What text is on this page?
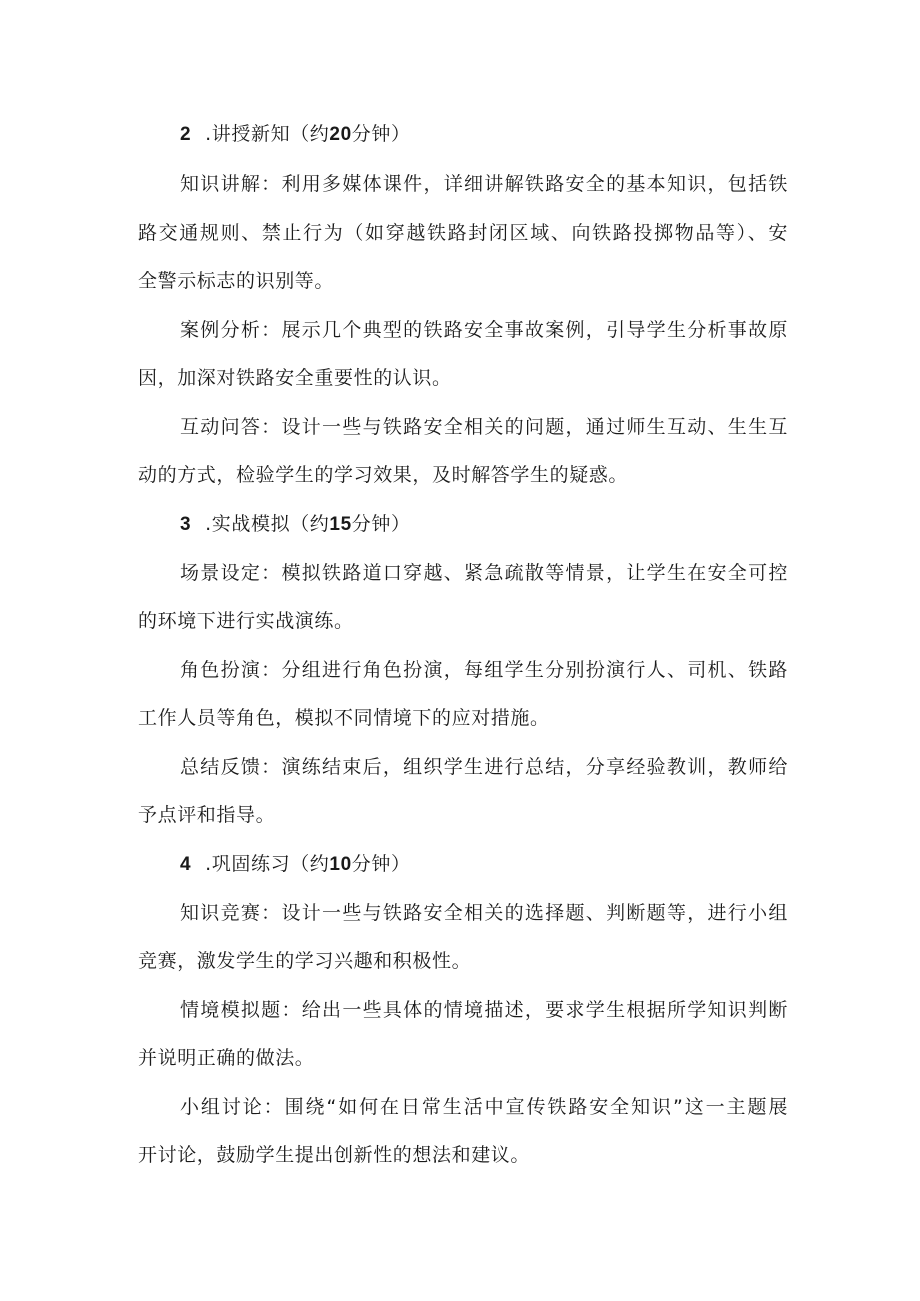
2 .讲授新知（约20分钟）
知识讲解：利用多媒体课件，详细讲解铁路安全的基本知识，包括铁
路交通规则、禁止行为（如穿越铁路封闭区域、向铁路投掷物品等）、安
全警示标志的识别等。
案例分析：展示几个典型的铁路安全事故案例，引导学生分析事故原
因，加深对铁路安全重要性的认识。
互动问答：设计一些与铁路安全相关的问题，通过师生互动、生生互
动的方式，检验学生的学习效果，及时解答学生的疑惑。
3 .实战模拟（约15分钟）
场景设定：模拟铁路道口穿越、紧急疏散等情景，让学生在安全可控
的环境下进行实战演练。
角色扮演：分组进行角色扮演，每组学生分别扮演行人、司机、铁路
工作人员等角色，模拟不同情境下的应对措施。
总结反馈：演练结束后，组织学生进行总结，分享经验教训，教师给
予点评和指导。
4 .巩固练习（约10分钟）
知识竞赛：设计一些与铁路安全相关的选择题、判断题等，进行小组
竞赛，激发学生的学习兴趣和积极性。
情境模拟题：给出一些具体的情境描述，要求学生根据所学知识判断
并说明正确的做法。
小组讨论：围绕“如何在日常生活中宣传铁路安全知识”这一主题展
开讨论，鼓励学生提出创新性的想法和建议。
